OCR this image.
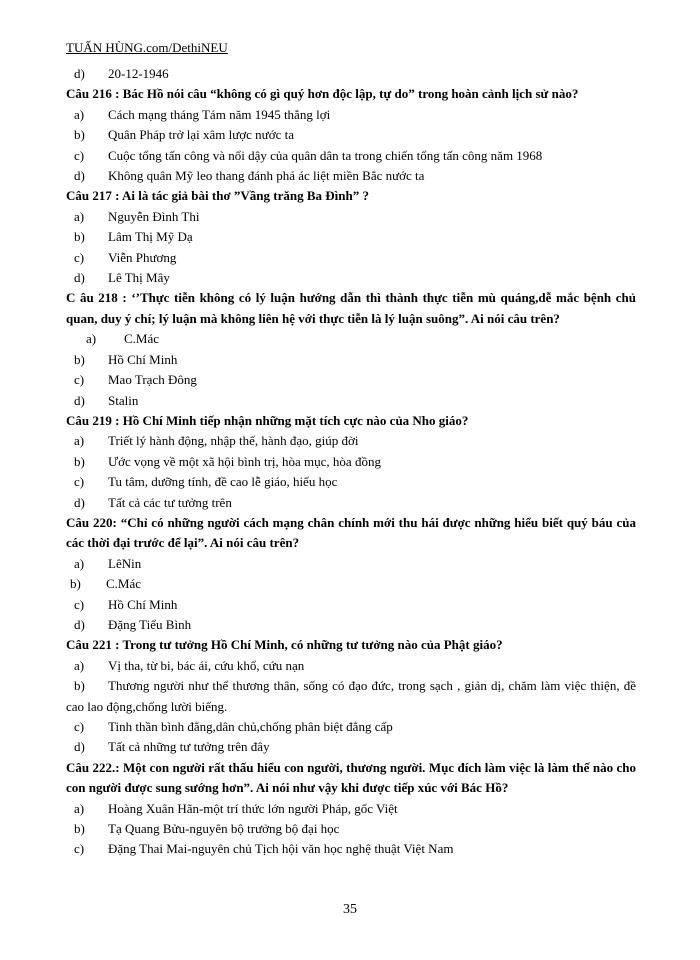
TUẤN HÙNG.com/DethiNEU
d)	20-12-1946
Câu 216 : Bác Hồ nói câu “không có gì quý hơn độc lập, tự do” trong hoàn cảnh lịch sử nào?
a)	Cách mạng tháng Tám năm 1945 thắng lợi
b)	Quân Pháp trở lại xâm lược nước ta
c)	Cuộc tổng tấn công và nổi dậy của quân dân ta trong chiến tổng tấn công năm 1968
d)	Không quân Mỹ leo thang đánh phá ác liệt miền Bắc nước ta
Câu 217 : Ai là tác giả bài thơ ”Vầng trăng Ba Đình” ?
a)	Nguyễn Đình Thi
b)	Lâm Thị Mỹ Dạ
c)	Viễn Phương
d)	Lê Thị Mây
C âu 218 : ‘’Thực tiễn không có lý luận hướng dẫn thì thành thực tiễn mù quáng,dễ mắc bệnh chủ quan, duy ý chí; lý luận mà không liên hệ với thực tiễn là lý luận suông”. Ai nói câu trên?
a)	C.Mác
b)	Hồ Chí Minh
c)	Mao Trạch Đông
d)	Stalin
Câu 219 : Hồ Chí Minh tiếp nhận những mặt tích cực nào của Nho giáo?
a)	Triết lý hành động, nhập thế, hành đạo, giúp đời
b)	Ước vọng về một xã hội bình trị, hòa mục, hòa đồng
c)	Tu tâm, dưỡng tính, đề cao lễ giáo, hiếu học
d)	Tất cả các tư tưởng trên
Câu 220: “Chỉ có những người cách mạng chân chính mới thu hái được những hiểu biết quý báu của các thời đại trước để lại”. Ai nói câu trên?
a)	LêNin
b)	C.Mác
c)	Hồ Chí Minh
d)	Đặng Tiểu Bình
Câu 221 : Trong tư tưởng Hồ Chí Minh, có những tư tưởng nào của Phật giáo?
a)	Vị tha, từ bi, bác ái, cứu khổ, cứu nạn
b) Thương người như thể thương thân, sống có đạo đức, trong sạch , giản dị, chăm làm việc thiện, đề cao lao động,chống lười biếng.
c)	Tinh thần bình đẳng,dân chủ,chống phân biệt đẳng cấp
d)	Tất cả những tư tưởng trên đây
Câu 222.: Một con người rất thấu hiểu con người, thương người. Mục đích làm việc là làm thế nào cho con người được sung sướng hơn”. Ai nói như vậy khi được tiếp xúc với Bác Hồ?
a)	Hoàng Xuân Hãn-một trí thức lớn người Pháp, gốc Việt
b)	Tạ Quang Bửu-nguyên bộ trưởng bộ đại học
c)	Đặng Thai Mai-nguyên chủ Tịch hội văn học nghệ thuật Việt Nam
35
